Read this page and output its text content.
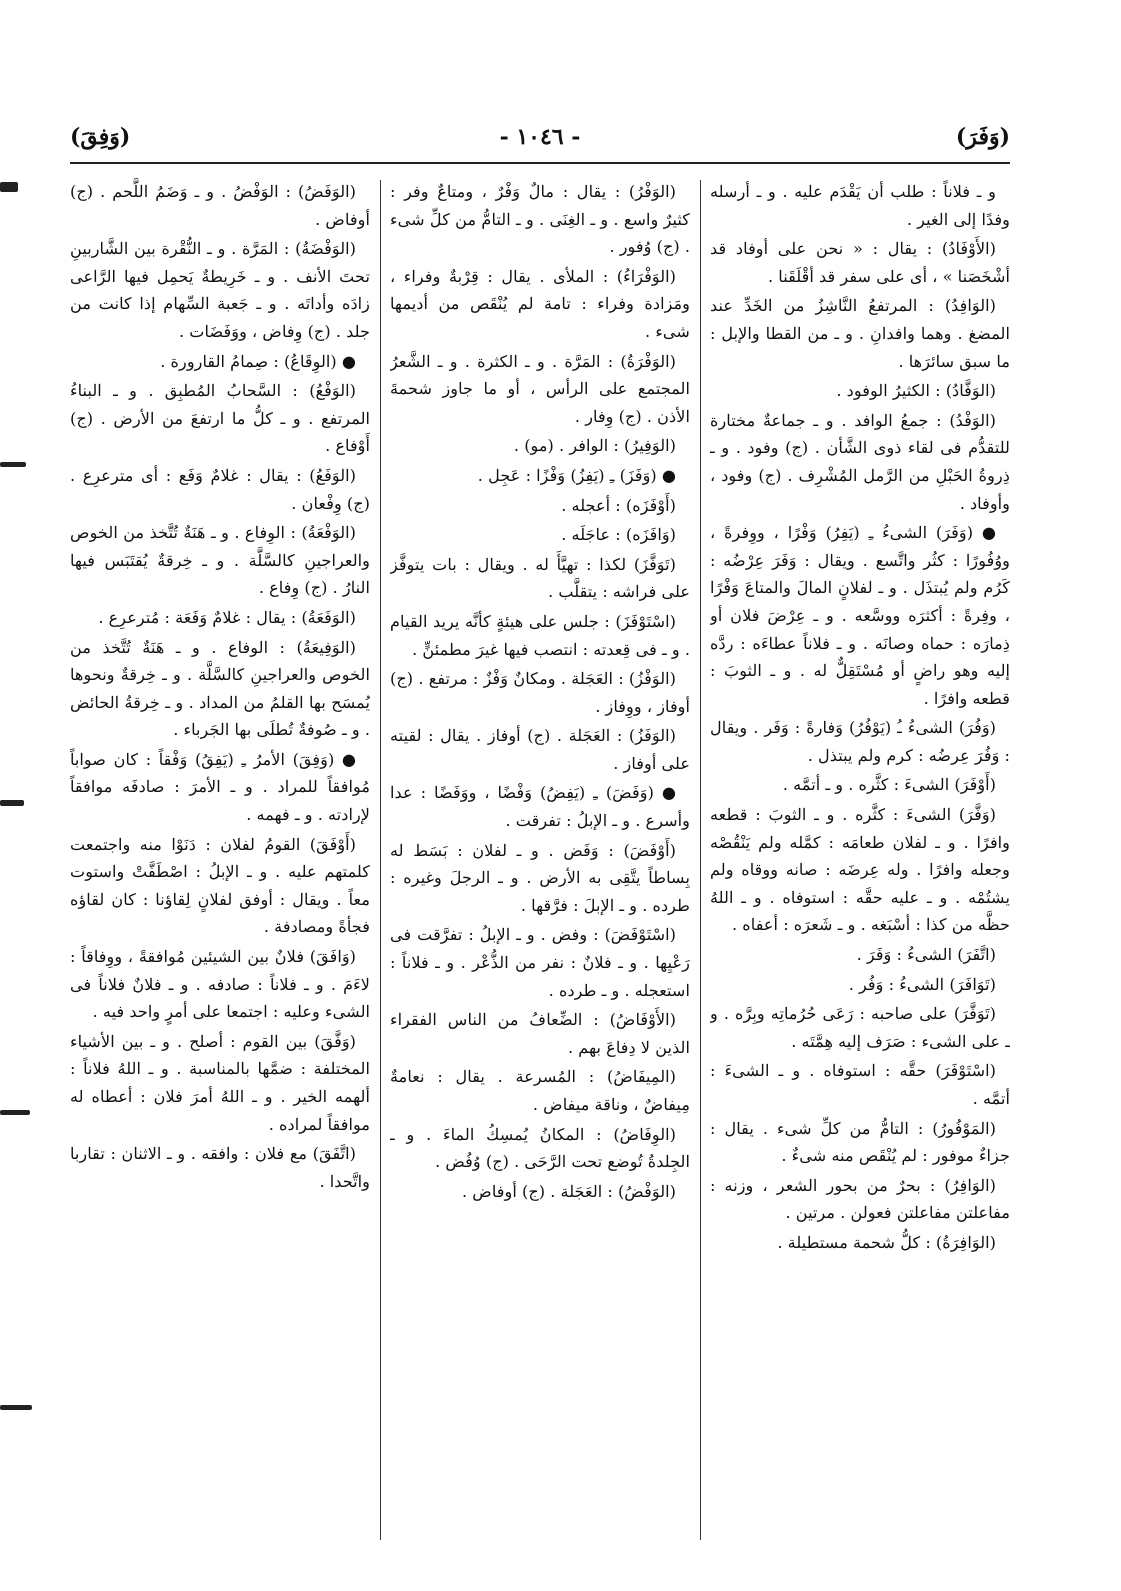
(وَفَرَ)
- ١٠٤٦ -
(وَفِقَ)

و ـ فلاناً : طلب أن يَقْدَم عليه . و ـ أرسله وفدًا إلى الغير .

(الأَوْفَادُ) : يقال : « نحن على أوفاد قد أشْخَصَنا » ، أى على سفر قد أقْلَقَنا .

(الوَافِدُ) : المرتفعُ النَّاشِزُ من الخَدِّ عند المضغ . وهما وافدانِ . و ـ من القطا والإبل : ما سبق سائرَها .

(الوَفَّادُ) : الكثيرُ الوفود .

(الوَفْدُ) : جمعُ الوافد . و ـ جماعةٌ مختارة للتقدُّم فى لقاء ذوى الشَّأن . (ج) وفود . و ـ ذِروةُ الحَبْلِ من الرَّمل المُشْرِف . (ج) وفود ، وأوفاد .

● (وَفَرَ) الشىءُ ـِ (يَفِرُ) وَفْرًا ، ووِفرةً ، ووُفُورًا : كثُر واتَّسع . ويقال : وَفَرَ عِرْضُه : كَرُم ولم يُبتذَل . و ـ لفلانٍ المالَ والمتاعَ وَفْرًا ، وفِرةً : أكثرَه ووسَّعه . و ـ عِرْضَ فلان أو ذِمارَه : حماه وصانَه . و ـ فلاناً عطاءَه : ردَّه إليه وهو راضٍ أو مُسْتَقِلٌّ له . و ـ الثوبَ : قطعه وافرًا .

(وَفُرَ) الشىءُ ـُ (يَوْفُرُ) وَفارةً : وَفَر . ويقال : وَفُرَ عِرضُه : كرم ولم يبتذل .

(أَوْفَرَ) الشىءَ : كثَّره . و ـ أتمَّه .

(وَفَّرَ) الشىءَ : كثَّره . و ـ الثوبَ : قطعه وافرًا . و ـ لفلان طعامَه : كمَّله ولم يَنْقُصْه وجعله وافرًا . وله عِرضَه : صانه ووقاه ولم يشتُمْه . و ـ عليه حقَّه : استوفاه . و ـ اللهُ حظَّه من كذا : أسْبَغه . و ـ شَعرَه : أعفاه .

(اتَّفَرَ) الشىءُ : وَفَرَ .

(تَوَافَرَ) الشىءُ : وَفُر .

(تَوَفَّرَ) على صاحبه : رَعَى حُرُماتِه وبِرَّه . و ـ على الشىء : صَرَف إليه هِمَّتَه .

(اسْتَوْفَرَ) حقَّه : استوفاه . و ـ الشىءَ : أتمَّه .

(المَوْفُورُ) : التامُّ من كلِّ شىء . يقال : جزاءٌ موفور : لم يُنْقَص منه شىءٌ .

(الوَافِرُ) : بحرٌ من بحور الشعر ، وزنه : مفاعلتن مفاعلتن فعولن . مرتين .

(الوَافِرَةُ) : كلُّ شحمة مستطيلة .

(الوَفْرُ) : يقال : مالٌ وَفْرٌ ، ومتاعٌ وفر : كثيرٌ واسع . و ـ الغِنَى . و ـ التامُّ من كلِّ شىء . (ج) وُفور .

(الوَفْرَاءُ) : الملأى . يقال : قِرْبةٌ وفراء ، ومَزادة وفراء : تامة لم يُنْقَص من أديمها شىء .

(الوَفْرَةُ) : المَرَّة . و ـ الكثرة . و ـ الشَّعرُ المجتمع على الرأس ، أو ما جاوز شحمةَ الأذن . (ج) وِفار .

(الوَفِيرُ) : الوافر . (مو) .

● (وَفَزَ) ـِ (يَفِزُ) وَفْزًا : عَجِل .

(أَوْفَزَه) : أعجله .

(وَافَزَه) : عاجَلَه .

(تَوَفَّزَ) لكذا : تهيَّأَ له . ويقال : بات يتوفَّز على فراشه : يتقلَّب .

(اسْتَوْفَزَ) : جلس على هيئةٍ كأنَّه يريد القيام . و ـ فى قِعدته : انتصب فيها غيرَ مطمئنٍّ .

(الوَفْزُ) : العَجَلة . ومكانٌ وَفْزٌ : مرتفع . (ج) أوفاز ، ووِفاز .

(الوَفَزُ) : العَجَلة . (ج) أوفاز . يقال : لقيته على أوفاز .

● (وَفَضَ) ـِ (يَفِضُ) وَفْضًا ، ووَفَضًا : عدا وأسرع . و ـ الإبلُ : تفرقت .

(أَوْفَضَ) : وَفَض . و ـ لفلان : بَسَط له بِساطاً يتَّقِى به الأرض . و ـ الرجلَ وغيره : طرده . و ـ الإبلَ : فرَّقها .

(اسْتَوْفَضَ) : وفض . و ـ الإبلُ : تفرَّقت فى رَعْيِها . و ـ فلانٌ : نفر من الذُّعْر . و ـ فلاناً : استعجله . و ـ طرده .

(الأَوْفَاضُ) : الضِّعافُ من الناس الفقراء الذين لا دِفاعَ بهم .

(المِيفَاضُ) : المُسرعة . يقال : نعامةٌ مِيفاضٌ ، وناقة ميفاض .

(الوِفَاضُ) : المكانُ يُمسِكُ الماءَ . و ـ الجِلدةُ تُوضع تحت الرَّحَى . (ج) وُفُض .

(الوَفْضُ) : العَجَلة . (ج) أوفاض .

(الوَفَضُ) : الوَفْضُ . و ـ وَضَمُ اللَّحم . (ج) أوفاض .

(الوَفْضَةُ) : المَرَّة . و ـ النُّقْرة بين الشَّاربينِ تحتَ الأنف . و ـ خَرِيطةٌ يَحمِل فيها الرَّاعى زادَه وأداتَه . و ـ جَعبة السِّهام إذا كانت من جلد . (ج) وِفاض ، ووَفَضَات .

● (الوِقَاعُ) : صِمامُ القارورة .

(الوَفْعُ) : السَّحابُ المُطبِق . و ـ البناءُ المرتفع . و ـ كلُّ ما ارتفعَ من الأرض . (ج) أَوْفاع .

(الوَفَعُ) : يقال : غلامٌ وَفَع : أى مترعرِع . (ج) وِفْعان .

(الوَفْعَةُ) : الوِفاع . و ـ هَنَةٌ تُتَّخذ من الخوص والعراجينِ كالسَّلَّة . و ـ خِرقةٌ يُقتَبَس فيها النارُ . (ج) وِفاع .

(الوَفَعَةُ) : يقال : غلامٌ وَفَعَة : مُترعرِع .

(الوَفِيعَةُ) : الوفاع . و ـ هَنَةٌ تُتَّخذ من الخوص والعراجينِ كالسَّلَّة . و ـ خِرقةٌ ونحوها يُمسَح بها القلمُ من المداد . و ـ خِرقةُ الحائض . و ـ صُوفةٌ تُطلَى بها الجَرباء .

● (وَفِقَ) الأمرُ ـِ (يَفِقُ) وَفْقاً : كان صواباً مُوافقاً للمراد . و ـ الأمرَ : صادفَه موافقاً لإرادته . و ـ فهمه .

(أَوْفَقَ) القومُ لفلان : دَنَوْا منه واجتمعت كلمتهم عليه . و ـ الإبلُ : اصْطَفَّتْ واستوت معاً . ويقال : أوفق لفلانٍ لِقاؤنا : كان لقاؤه فجأةً ومصادفة .

(وَافَقَ) فلانٌ بين الشيئين مُوافقةً ، ووِفاقاً : لاءَمَ . و ـ فلاناً : صادفه . و ـ فلانٌ فلاناً فى الشىء وعليه : اجتمعا على أمرٍ واحد فيه .

(وَفَّقَ) بين القوم : أصلح . و ـ بين الأشياء المختلفة : ضمَّها بالمناسبة . و ـ اللهُ فلاناً : ألهمه الخير . و ـ اللهُ أمرَ فلان : أعطاه له موافقاً لمراده .

(اتَّفَقَ) مع فلان : وافقه . و ـ الاثنان : تقاربا واتَّحدا .
